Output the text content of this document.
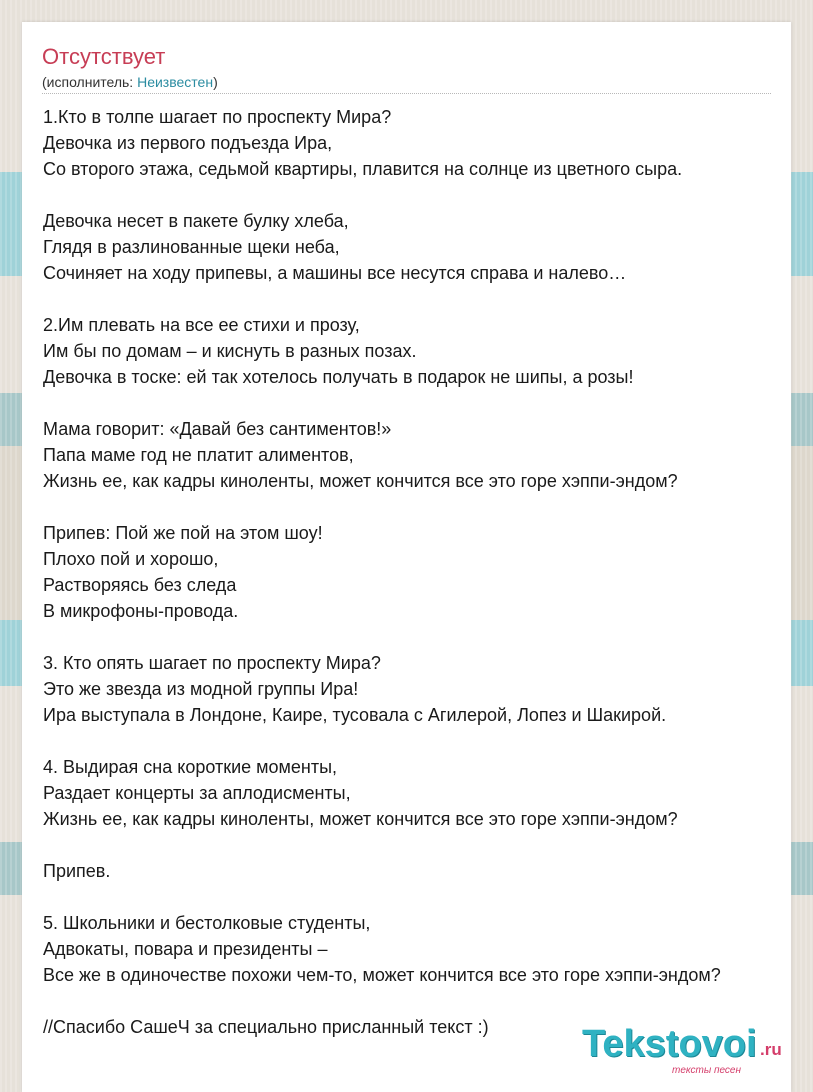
Отсутствует
(исполнитель: Неизвестен)
1.Кто в толпе шагает по проспекту Мира?
Девочка из первого подъезда Ира,
Со второго этажа, седьмой квартиры, плавится на солнце из цветного сыра.
Девочка несет в пакете булку хлеба,
Глядя в разлинованные щеки неба,
Сочиняет на ходу припевы, а машины все несутся справа и налево…
2.Им плевать на все ее стихи и прозу,
Им бы по домам – и киснуть в разных позах.
Девочка в тоске: ей так хотелось получать в подарок не шипы, а розы!
Мама говорит: «Давай без сантиментов!»
Папа маме год не платит алиментов,
Жизнь ее, как кадры киноленты, может кончится все это горе хэппи-эндом?
Припев: Пой же пой на этом шоу!
Плохо пой и хорошо,
Растворяясь без следа
В микрофоны-провода.
3. Кто опять шагает по проспекту Мира?
Это же звезда из модной группы Ира!
Ира выступала в Лондоне, Каире, тусовала с Агилерой, Лопез и Шакирой.
4. Выдирая сна короткие моменты,
Раздает концерты за аплодисменты,
Жизнь ее, как кадры киноленты, может кончится все это горе хэппи-эндом?
Припев.
5. Школьники и бестолковые студенты,
Адвокаты, повара и президенты –
Все же в одиночестве похожи чем-то, может кончится все это горе хэппи-эндом?
//Спасибо СашеЧ за специально присланный текст :)	Tekstovoi .ru
тексты песен
